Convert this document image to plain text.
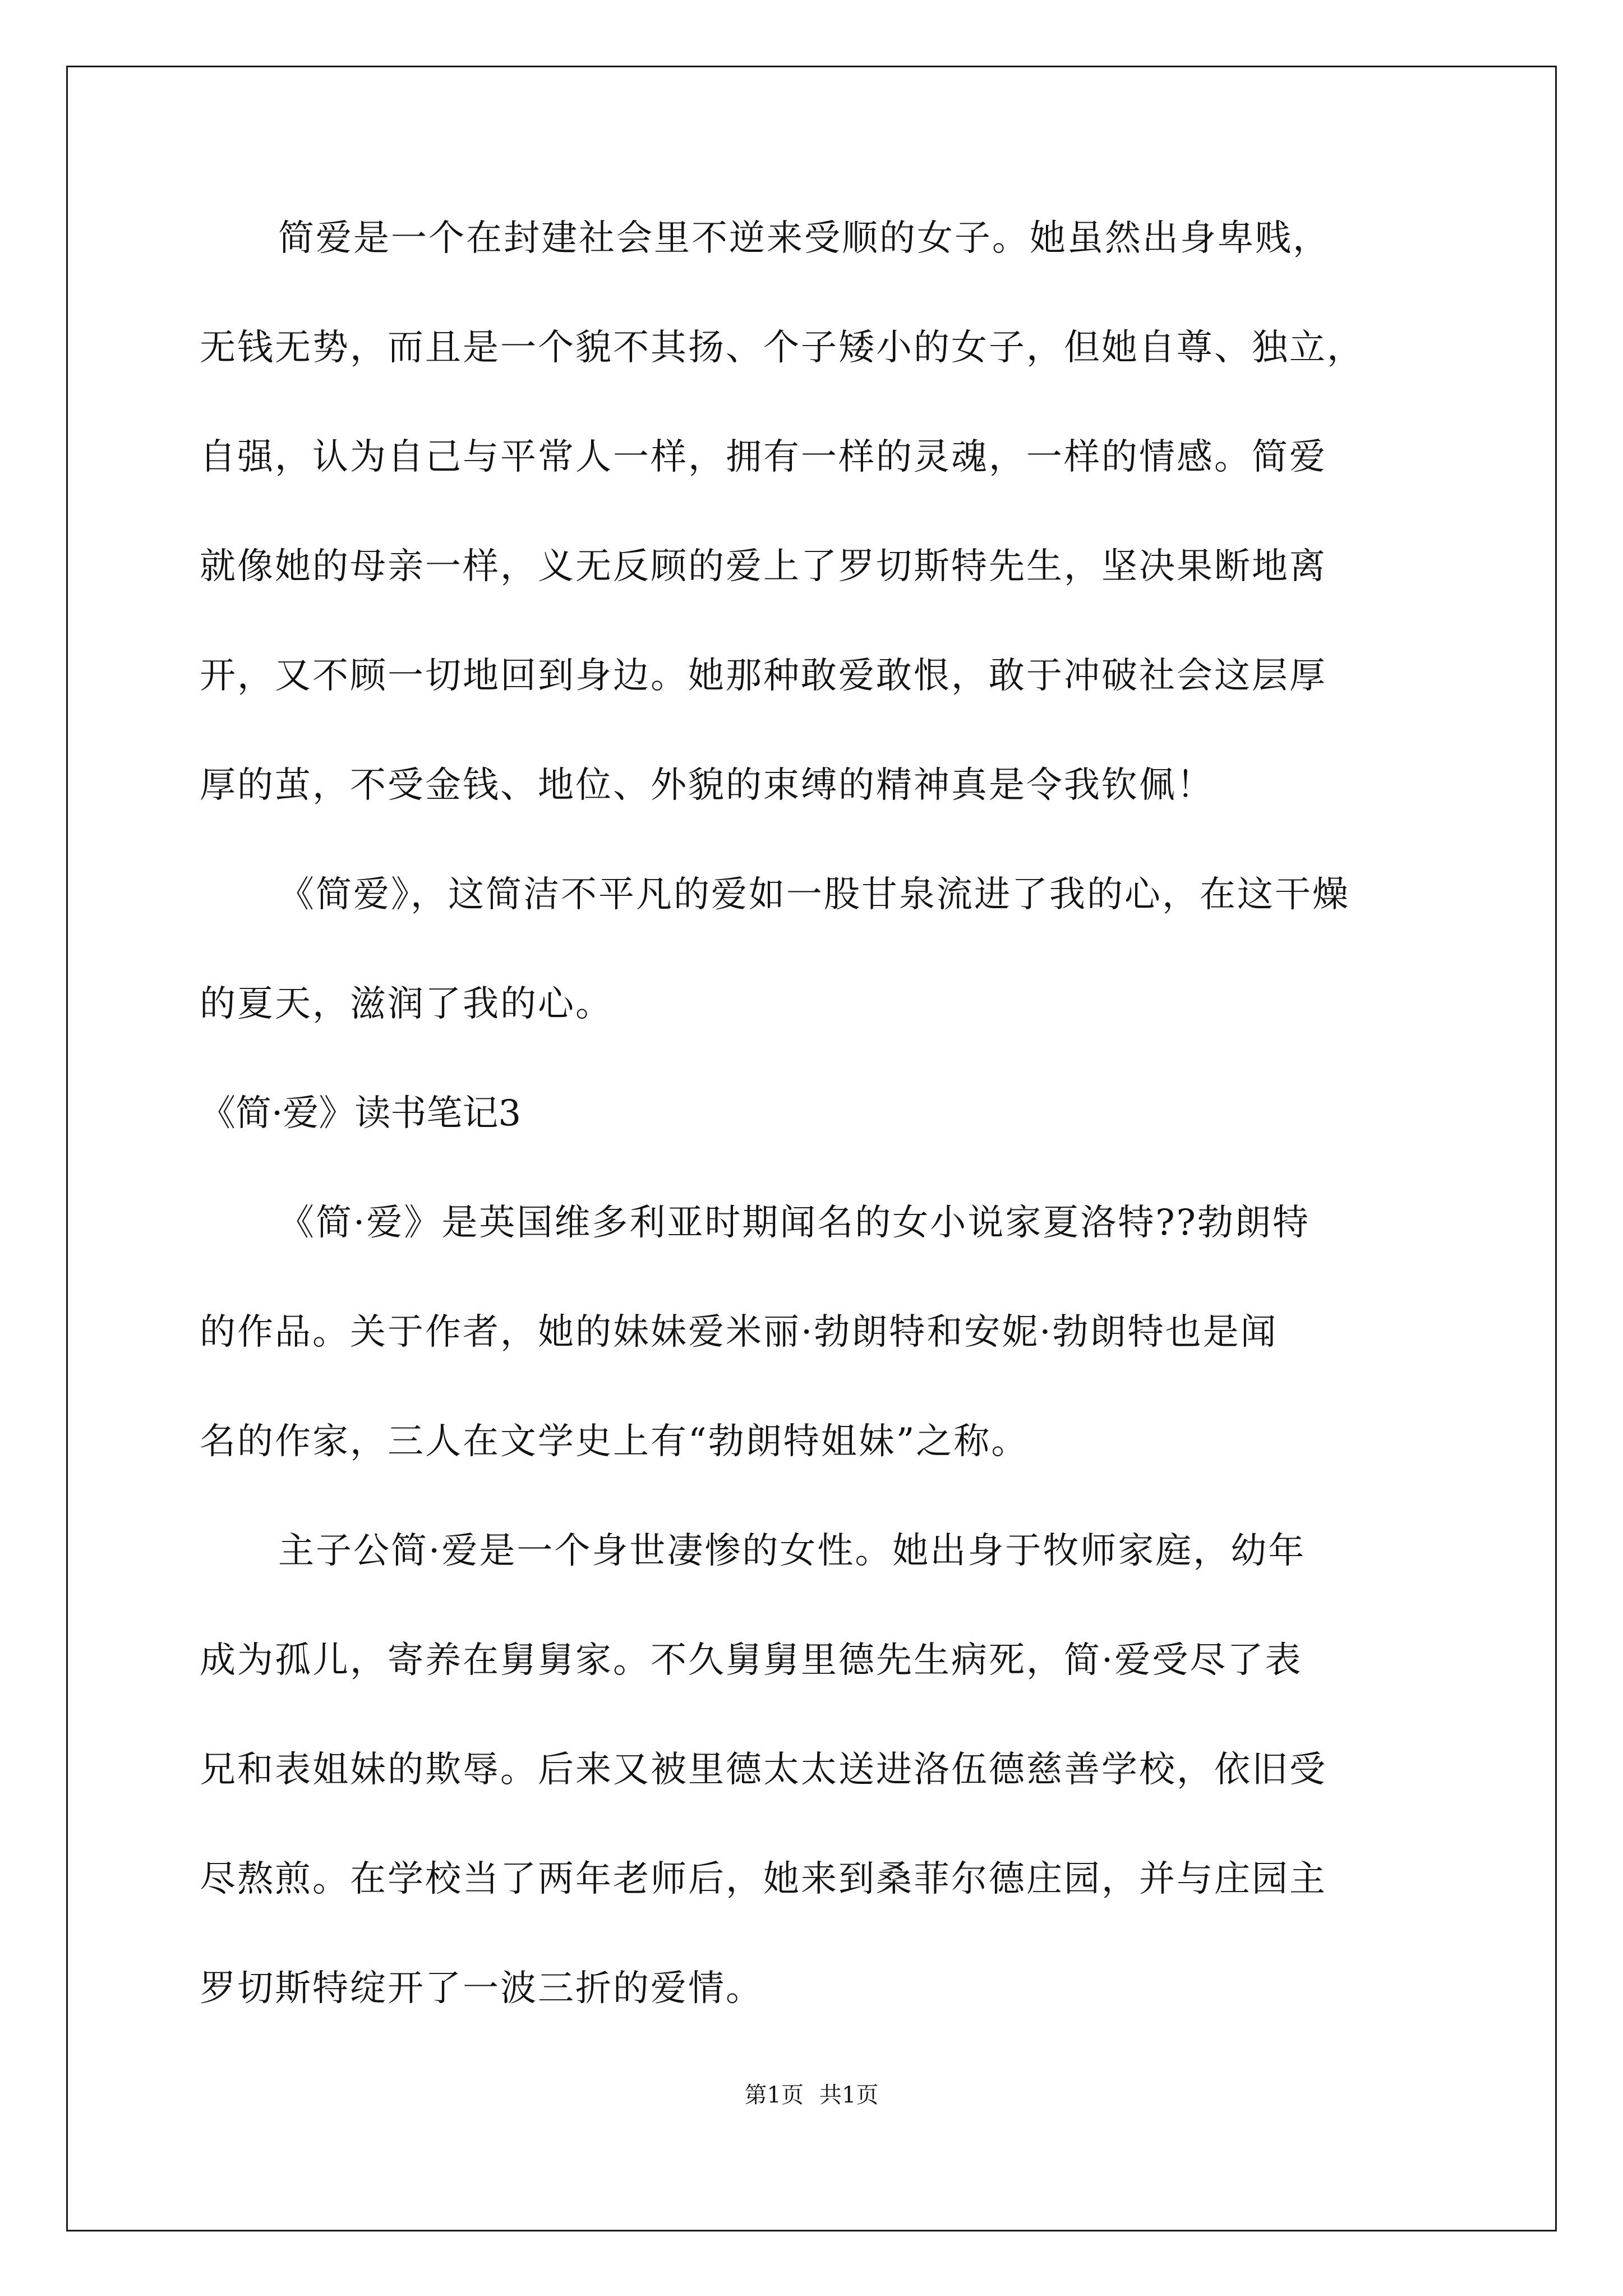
简爱是一个在封建社会里不逆来受顺的女子。她虽然出身卑贱，
无钱无势，而且是一个貌不其扬、个子矮小的女子，但她自尊、独立，
自强，认为自己与平常人一样，拥有一样的灵魂，一样的情感。简爱
就像她的母亲一样，义无反顾的爱上了罗切斯特先生，坚决果断地离
开，又不顾一切地回到身边。她那种敢爱敢恨，敢于冲破社会这层厚
厚的茧，不受金钱、地位、外貌的束缚的精神真是令我钦佩！
《简爱》，这简洁不平凡的爱如一股甘泉流进了我的心，在这干燥
的夏天，滋润了我的心。
《简·爱》读书笔记3
《简·爱》是英国维多利亚时期闻名的女小说家夏洛特??勃朗特
的作品。关于作者，她的妹妹爱米丽·勃朗特和安妮·勃朗特也是闻
名的作家，三人在文学史上有“勃朗特姐妹”之称。
主子公简·爱是一个身世凄惨的女性。她出身于牧师家庭，幼年
成为孤儿，寄养在舅舅家。不久舅舅里德先生病死，简·爱受尽了表
兄和表姐妹的欺辱。后来又被里德太太送进洛伍德慈善学校，依旧受
尽熬煎。在学校当了两年老师后，她来到桑菲尔德庄园，并与庄园主
罗切斯特绽开了一波三折的爱情。
第1页 共1页
